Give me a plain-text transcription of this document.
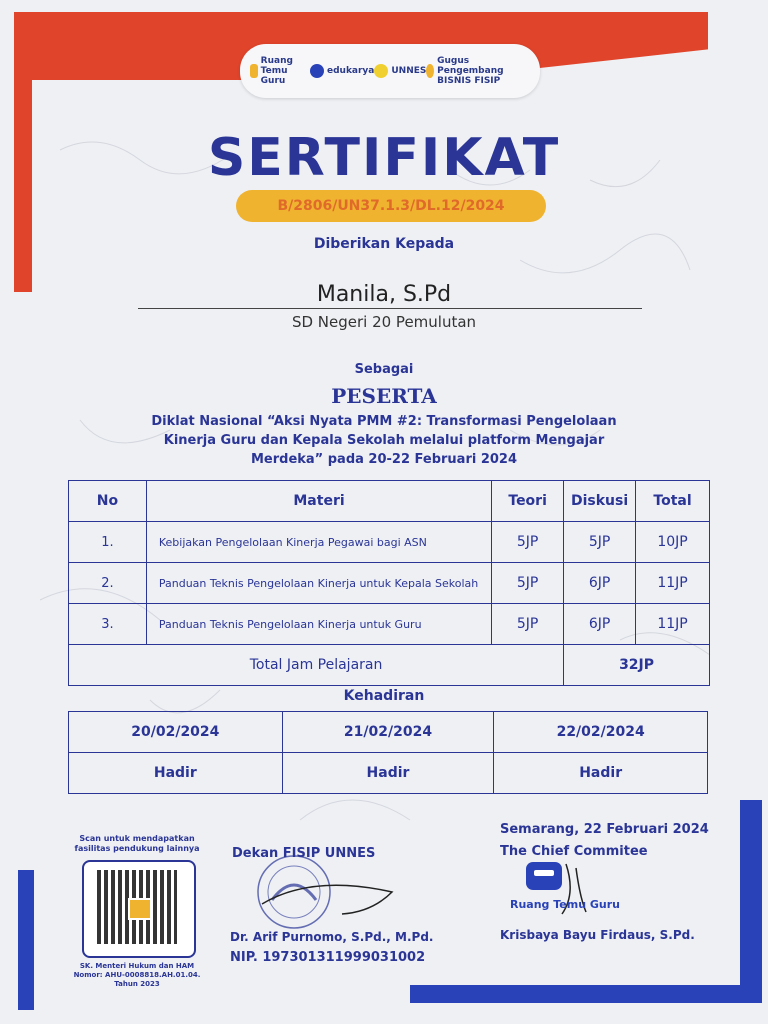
Ruang Temu Guru
edukarya UNNES
Gugus Pengembang BISNIS FISIP
SERTIFIKAT
B/2806/UN37.1.3/DL.12/2024
Diberikan Kepada
Manila, S.Pd
SD Negeri 20 Pemulutan
Sebagai
PESERTA
Diklat Nasional “Aksi Nyata PMM #2: Transformasi Pengelolaan
Kinerja Guru dan Kepala Sekolah melalui platform Mengajar
Merdeka” pada 20-22 Februari 2024
No	Materi	Teori	Diskusi	Total
1.	Kebijakan Pengelolaan Kinerja Pegawai bagi ASN	5JP	5JP	10JP
2.	Panduan Teknis Pengelolaan Kinerja untuk Kepala Sekolah	5JP	6JP	11JP
3.	Panduan Teknis Pengelolaan Kinerja untuk Guru	5JP	6JP	11JP
Total Jam Pelajaran			32JP	
Kehadiran
20/02/2024	21/02/2024	22/02/2024
Hadir	Hadir	Hadir
Scan untuk mendapatkan fasilitas pendukung lainnya
SK. Menteri Hukum dan HAM
Nomor: AHU-0008818.AH.01.04.
Tahun 2023
Dekan FISIP UNNES
Dr. Arif Purnomo, S.Pd., M.Pd.
NIP. 197301311999031002
Semarang, 22 Februari 2024
The Chief Commitee
Ruang Temu Guru
Krisbaya Bayu Firdaus, S.Pd.
